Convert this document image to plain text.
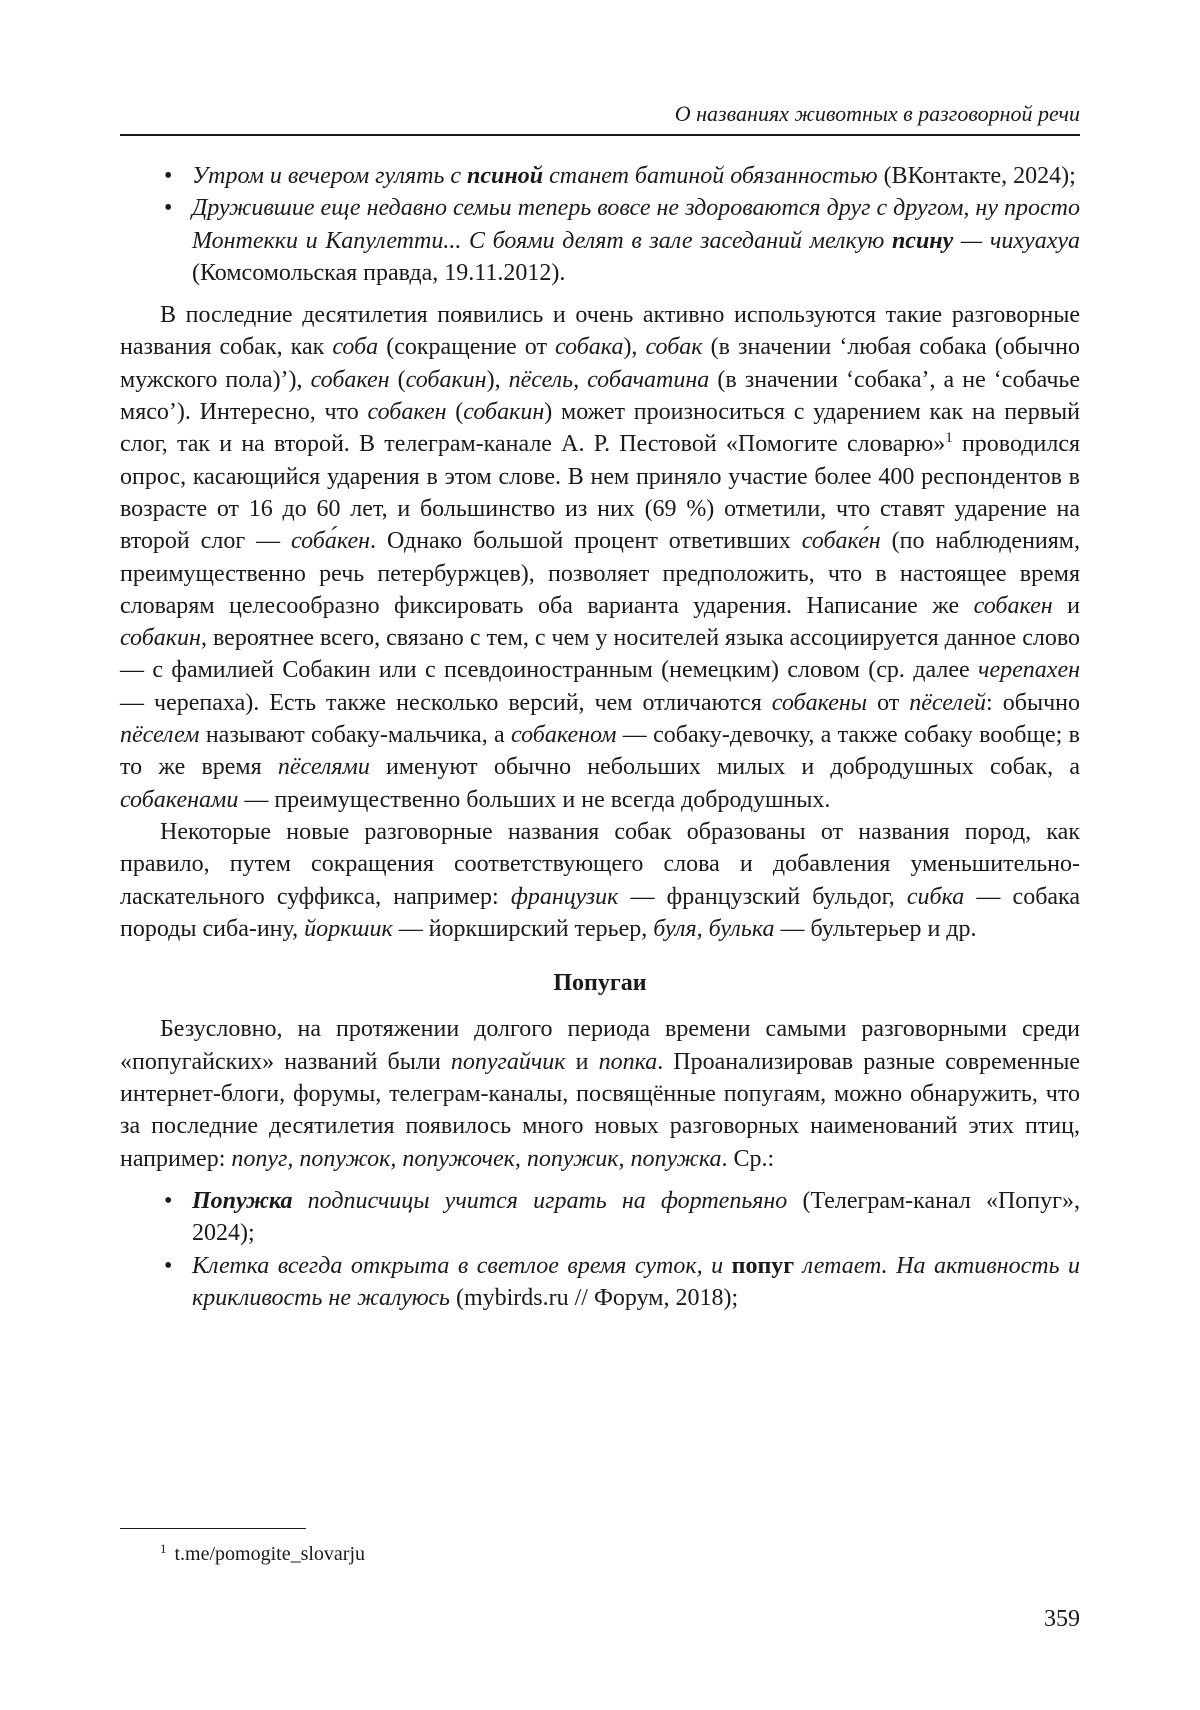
О названиях животных в разговорной речи
• Утром и вечером гулять с псиной станет батиной обязанностью (ВКонтакте, 2024);
• Дружившие еще недавно семьи теперь вовсе не здороваются друг с другом, ну просто Монтекки и Капулетти... С боями делят в зале заседаний мелкую псину — чихуахуа (Комсомольская правда, 19.11.2012).

В последние десятилетия появились и очень активно используются такие разговорные названия собак, как соба (сокращение от собака), собак (в значении ‘любая собака (обычно мужского пола)’), собакен (собакин), пёсель, собачатина (в значении ‘собака’, а не ‘собачье мясо’). Интересно, что собакен (собакин) может произноситься с ударением как на первый слог, так и на второй. В телеграм-канале А. Р. Пестовой «Помогите словарю»$^1$ проводился опрос, касающийся ударения в этом слове. В нем приняло участие более 400 респондентов в возрасте от 16 до 60 лет, и большинство из них (69 %) отметили, что ставят ударение на второй слог — соба́кен. Однако большой процент ответивших собаке́н (по наблюдениям, преимущественно речь петербуржцев), позволяет предположить, что в настоящее время словарям целесообразно фиксировать оба варианта ударения. Написание же собакен и собакин, вероятнее всего, связано с тем, с чем у носителей языка ассоциируется данное слово — с фамилией Собакин или с псевдоиностранным (немецким) словом (ср. далее черепахен — черепаха). Есть также несколько версий, чем отличаются собакены от пёселей: обычно пёселем называют собаку-мальчика, а собакеном — собаку-девочку, а также собаку вообще; в то же время пёселями именуют обычно небольших милых и добродушных собак, а собакенами — преимущественно больших и не всегда добродушных.

Некоторые новые разговорные названия собак образованы от названия пород, как правило, путем сокращения соответствующего слова и добавления уменьшительно-ласкательного суффикса, например: французик — французский бульдог, сибка — собака породы сиба-ину, йоркшик — йоркширский терьер, буля, булька — бультерьер и др.

Попугаи

Безусловно, на протяжении долгого периода времени самыми разговорными среди «попугайских» названий были попугайчик и попка. Проанализировав разные современные интернет-блоги, форумы, телеграм-каналы, посвящённые попугаям, можно обнаружить, что за последние десятилетия появилось много новых разговорных наименований этих птиц, например: попуг, попужок, попужочек, попужик, попужка. Ср.:

• Попужка подписчицы учится играть на фортепьяно (Телеграм-канал «Попуг», 2024);
• Клетка всегда открыта в светлое время суток, и попуг летает. На активность и крикливость не жалуюсь (mybirds.ru // Форум, 2018);
$^1$ t.me/pomogite_slovarju
359
